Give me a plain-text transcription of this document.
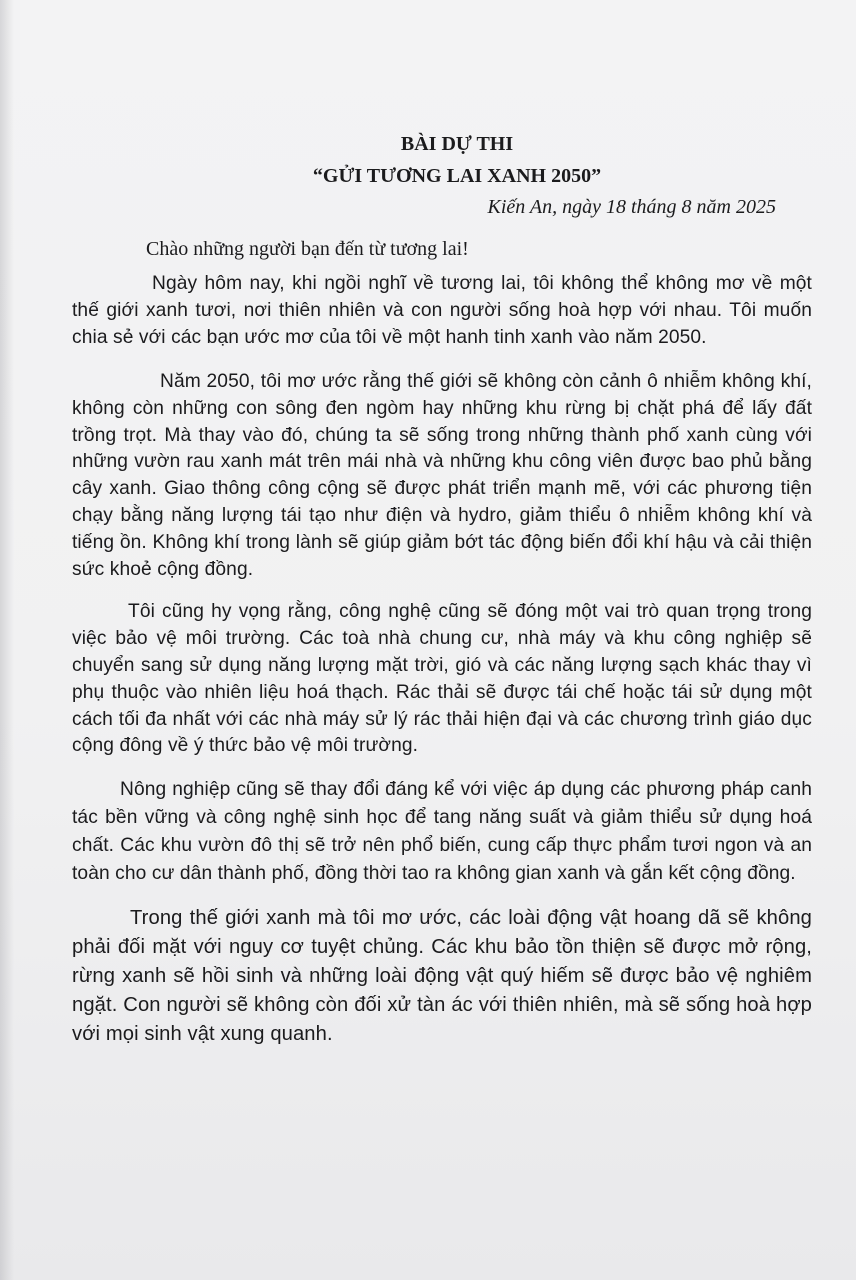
BÀI DỰ THI

“GỬI TƯƠNG LAI XANH 2050”

Kiến An, ngày 18 tháng 8 năm 2025

Chào những người bạn đến từ tương lai!

Ngày hôm nay, khi ngồi nghĩ về tương lai, tôi không thể không mơ về một thế giới xanh tươi, nơi thiên nhiên và con người sống hoà hợp với nhau. Tôi muốn chia sẻ với các bạn ước mơ của tôi về một hanh tinh xanh vào năm 2050.

Năm 2050, tôi mơ ước rằng thế giới sẽ không còn cảnh ô nhiễm không khí, không còn những con sông đen ngòm hay những khu rừng bị chặt phá để lấy đất trồng trọt. Mà thay vào đó, chúng ta sẽ sống trong những thành phố xanh cùng với những vườn rau xanh mát trên mái nhà và những khu công viên được bao phủ bằng cây xanh. Giao thông công cộng sẽ được phát triển mạnh mẽ, với các phương tiện chạy bằng năng lượng tái tạo như điện và hydro, giảm thiểu ô nhiễm không khí và tiếng ồn. Không khí trong lành sẽ giúp giảm bớt tác động biến đổi khí hậu và cải thiện sức khoẻ cộng đồng.

Tôi cũng hy vọng rằng, công nghệ cũng sẽ đóng một vai trò quan trọng trong việc bảo vệ môi trường. Các toà nhà chung cư, nhà máy và khu công nghiệp sẽ chuyển sang sử dụng năng lượng mặt trời, gió và các năng lượng sạch khác thay vì phụ thuộc vào nhiên liệu hoá thạch. Rác thải sẽ được tái chế hoặc tái sử dụng một cách tối đa nhất với các nhà máy sử lý rác thải hiện đại và các chương trình giáo dục cộng đông về ý thức bảo vệ môi trường.

Nông nghiệp cũng sẽ thay đổi đáng kể với việc áp dụng các phương pháp canh tác bền vững và công nghệ sinh học để tang năng suất và giảm thiểu sử dụng hoá chất. Các khu vườn đô thị sẽ trở nên phổ biến, cung cấp thực phẩm tươi ngon và an toàn cho cư dân thành phố, đồng thời tao ra không gian xanh và gắn kết cộng đồng.

Trong thế giới xanh mà tôi mơ ước, các loài động vật hoang dã sẽ không phải đối mặt với nguy cơ tuyệt chủng. Các khu bảo tồn thiện sẽ được mở rộng, rừng xanh sẽ hồi sinh và những loài động vật quý hiếm sẽ được bảo vệ nghiêm ngặt. Con người sẽ không còn đối xử tàn ác với thiên nhiên, mà sẽ sống hoà hợp với mọi sinh vật xung quanh.
